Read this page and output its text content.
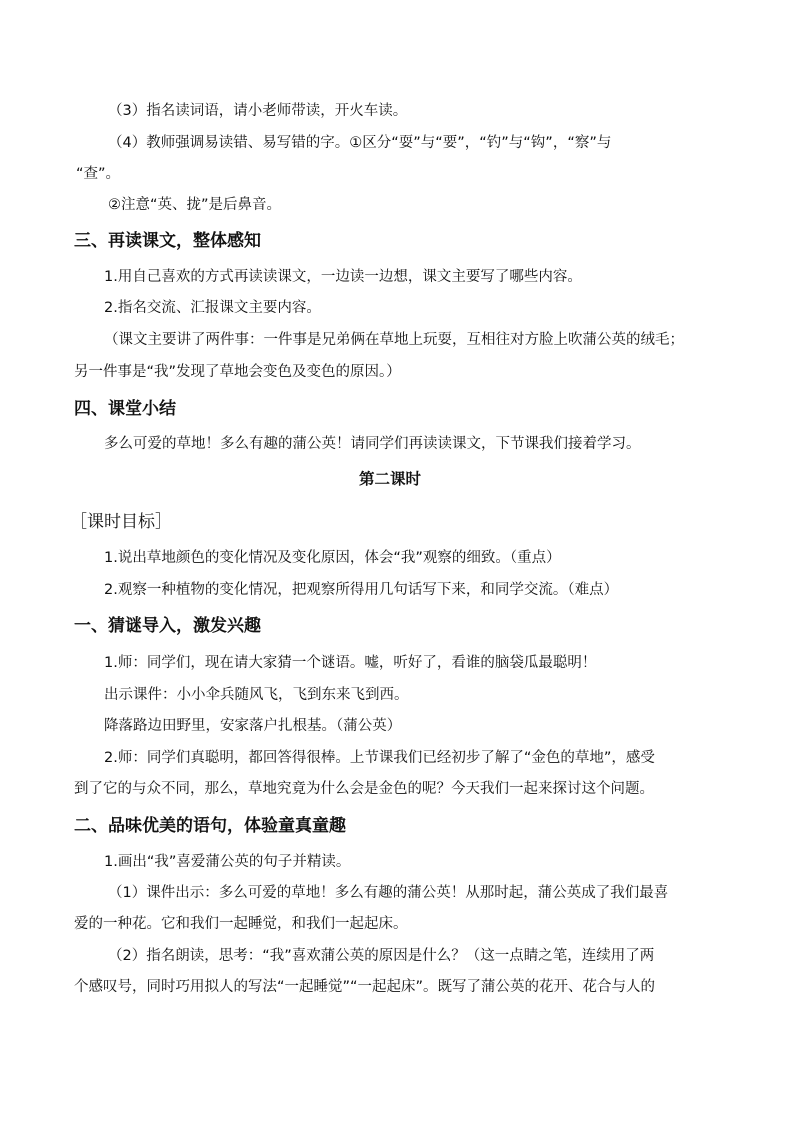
（3）指名读词语，请小老师带读，开火车读。
（4）教师强调易读错、易写错的字。①区分“耍”与“要”，“钓”与“钩”，“察”与
“查”。
②注意“英、拢”是后鼻音。
三、再读课文，整体感知
1.用自己喜欢的方式再读读课文，一边读一边想，课文主要写了哪些内容。
2.指名交流、汇报课文主要内容。
（课文主要讲了两件事：一件事是兄弟俩在草地上玩耍，互相往对方脸上吹蒲公英的绒毛；
另一件事是“我”发现了草地会变色及变色的原因。）
四、课堂小结
多么可爱的草地！多么有趣的蒲公英！请同学们再读读课文，下节课我们接着学习。
第二课时
［课时目标］
1.说出草地颜色的变化情况及变化原因，体会“我”观察的细致。（重点）
2.观察一种植物的变化情况，把观察所得用几句话写下来，和同学交流。（难点）
一、猜谜导入，激发兴趣
1.师：同学们，现在请大家猜一个谜语。嘘，听好了，看谁的脑袋瓜最聪明！
出示课件：小小伞兵随风飞，飞到东来飞到西。
降落路边田野里，安家落户扎根基。（蒲公英）
2.师：同学们真聪明，都回答得很棒。上节课我们已经初步了解了“金色的草地”，感受
到了它的与众不同，那么，草地究竟为什么会是金色的呢？今天我们一起来探讨这个问题。
二、品味优美的语句，体验童真童趣
1.画出“我”喜爱蒲公英的句子并精读。
（1）课件出示：多么可爱的草地！多么有趣的蒲公英！从那时起，蒲公英成了我们最喜
爱的一种花。它和我们一起睡觉，和我们一起起床。
（2）指名朗读，思考：“我”喜欢蒲公英的原因是什么？（这一点睛之笔，连续用了两
个感叹号，同时巧用拟人的写法“一起睡觉”“一起起床”。既写了蒲公英的花开、花合与人的
